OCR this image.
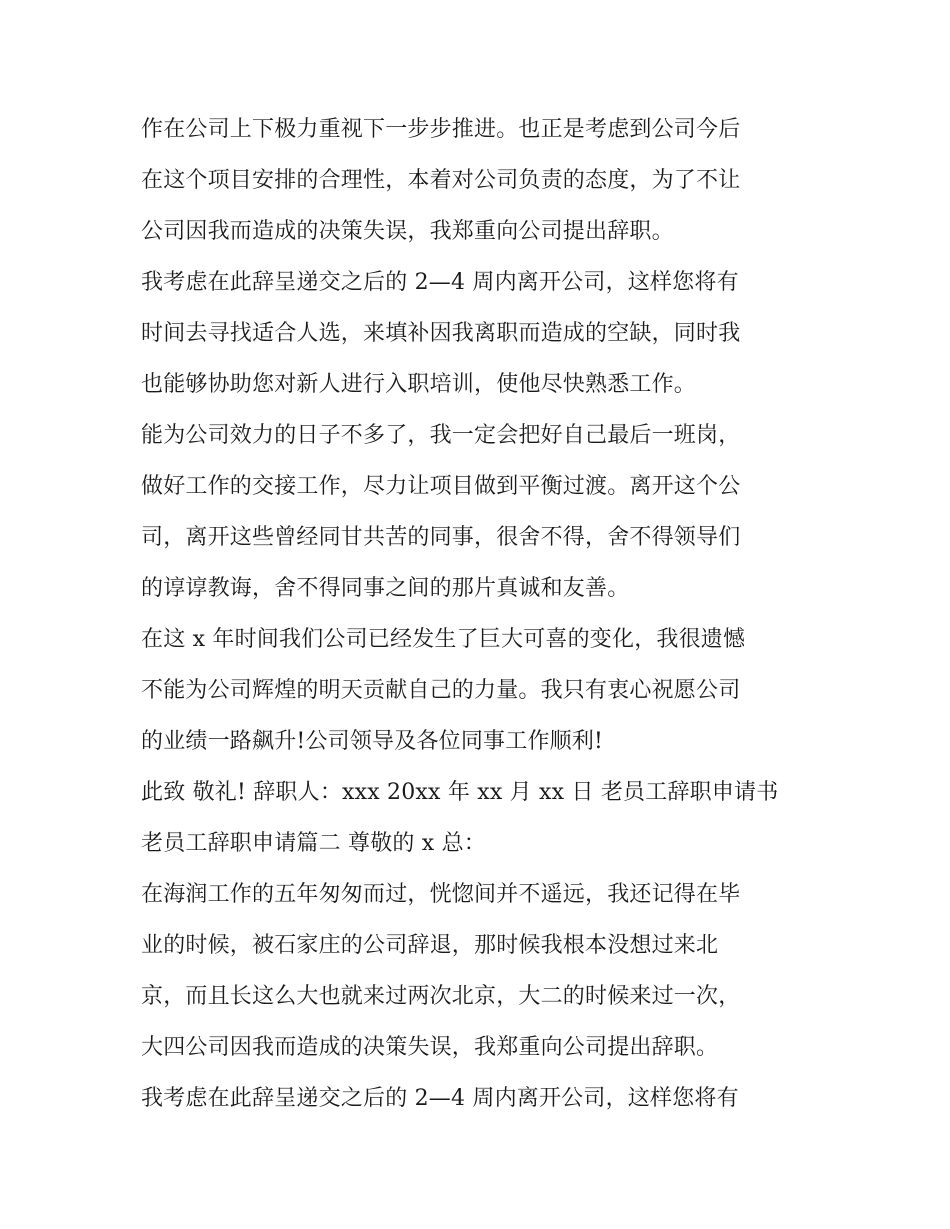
作在公司上下极力重视下一步步推进。也正是考虑到公司今后
在这个项目安排的合理性，本着对公司负责的态度，为了不让
公司因我而造成的决策失误，我郑重向公司提出辞职。
我考虑在此辞呈递交之后的 2—4 周内离开公司，这样您将有
时间去寻找适合人选，来填补因我离职而造成的空缺，同时我
也能够协助您对新人进行入职培训，使他尽快熟悉工作。
能为公司效力的日子不多了，我一定会把好自己最后一班岗，
做好工作的交接工作，尽力让项目做到平衡过渡。离开这个公
司，离开这些曾经同甘共苦的同事，很舍不得，舍不得领导们
的谆谆教诲，舍不得同事之间的那片真诚和友善。
在这 x 年时间我们公司已经发生了巨大可喜的变化，我很遗憾
不能为公司辉煌的明天贡献自己的力量。我只有衷心祝愿公司
的业绩一路飙升!公司领导及各位同事工作顺利!
此致 敬礼! 辞职人：xxx 20xx 年 xx 月 xx 日 老员工辞职申请书
老员工辞职申请篇二 尊敬的 x 总：
在海润工作的五年匆匆而过，恍惚间并不遥远，我还记得在毕
业的时候，被石家庄的公司辞退，那时候我根本没想过来北
京，而且长这么大也就来过两次北京，大二的时候来过一次，
大四公司因我而造成的决策失误，我郑重向公司提出辞职。
我考虑在此辞呈递交之后的 2—4 周内离开公司，这样您将有
